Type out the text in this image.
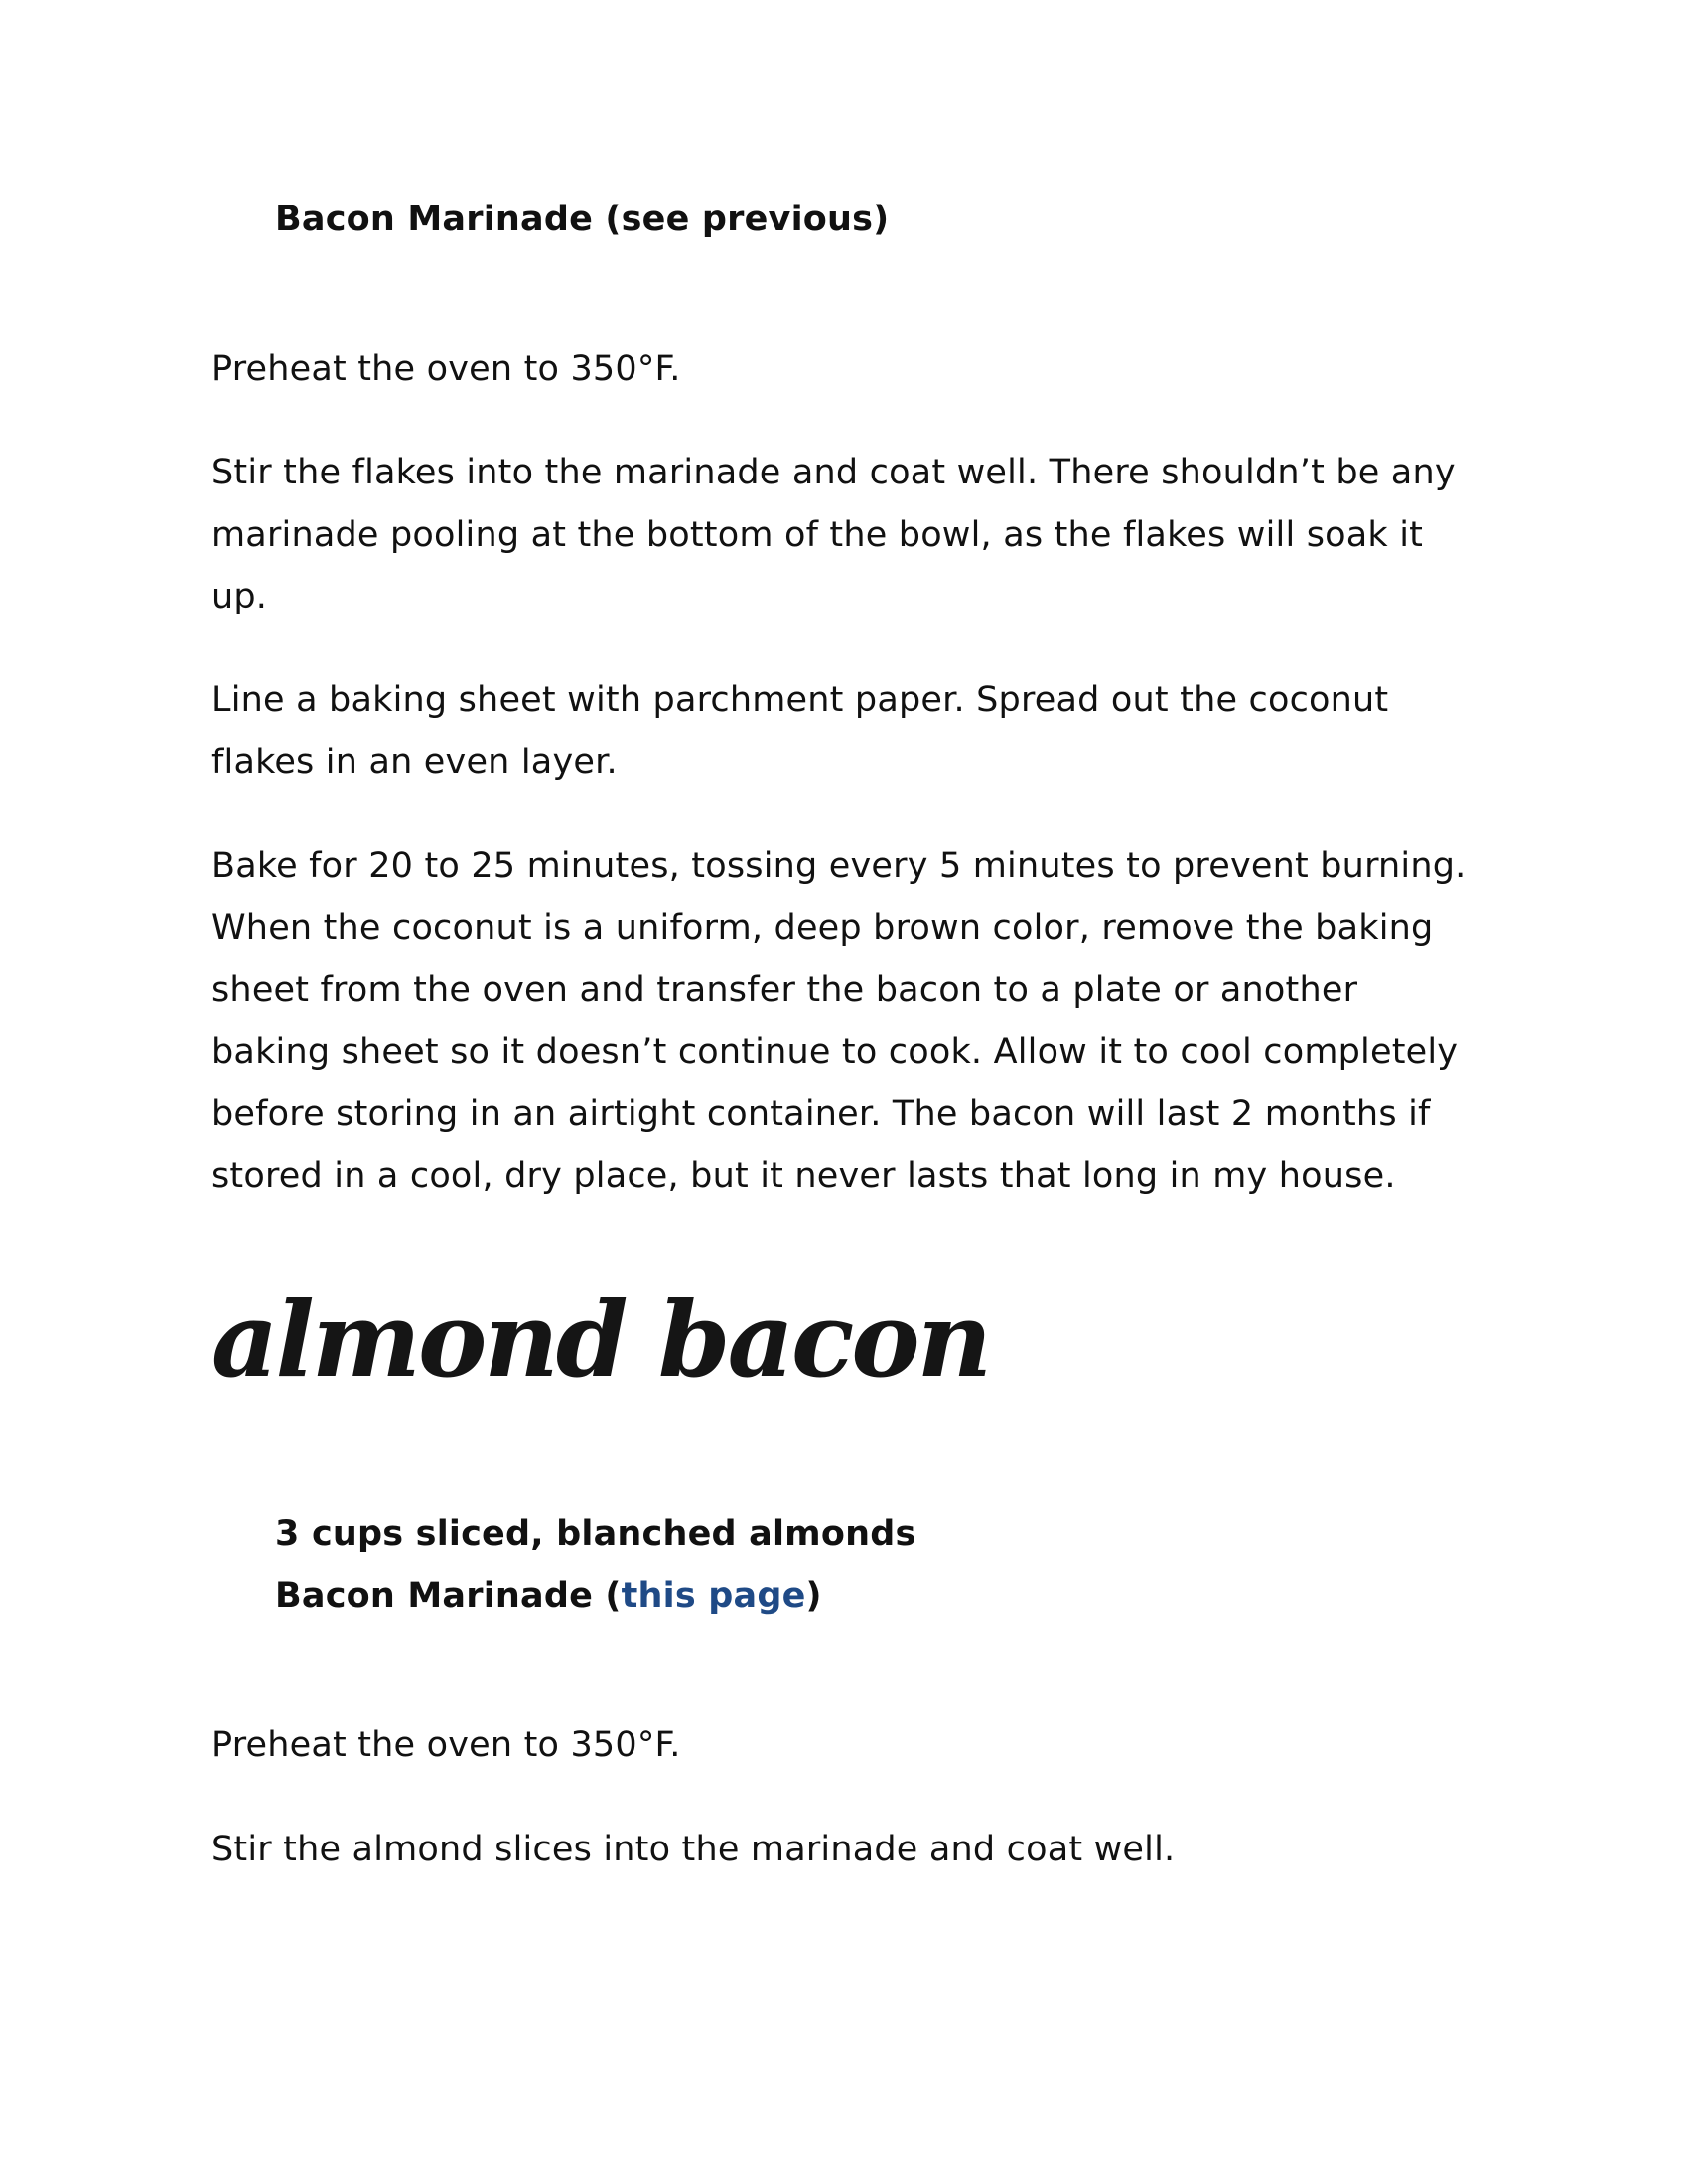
Bacon Marinade (see previous)

Preheat the oven to 350°F.

Stir the flakes into the marinade and coat well. There shouldn’t be any marinade pooling at the bottom of the bowl, as the flakes will soak it up.

Line a baking sheet with parchment paper. Spread out the coconut flakes in an even layer.

Bake for 20 to 25 minutes, tossing every 5 minutes to prevent burning. When the coconut is a uniform, deep brown color, remove the baking sheet from the oven and transfer the bacon to a plate or another baking sheet so it doesn’t continue to cook. Allow it to cool completely before storing in an airtight container. The bacon will last 2 months if stored in a cool, dry place, but it never lasts that long in my house.

almond bacon
3 cups sliced, blanched almonds
Bacon Marinade (this page)

Preheat the oven to 350°F.

Stir the almond slices into the marinade and coat well.
